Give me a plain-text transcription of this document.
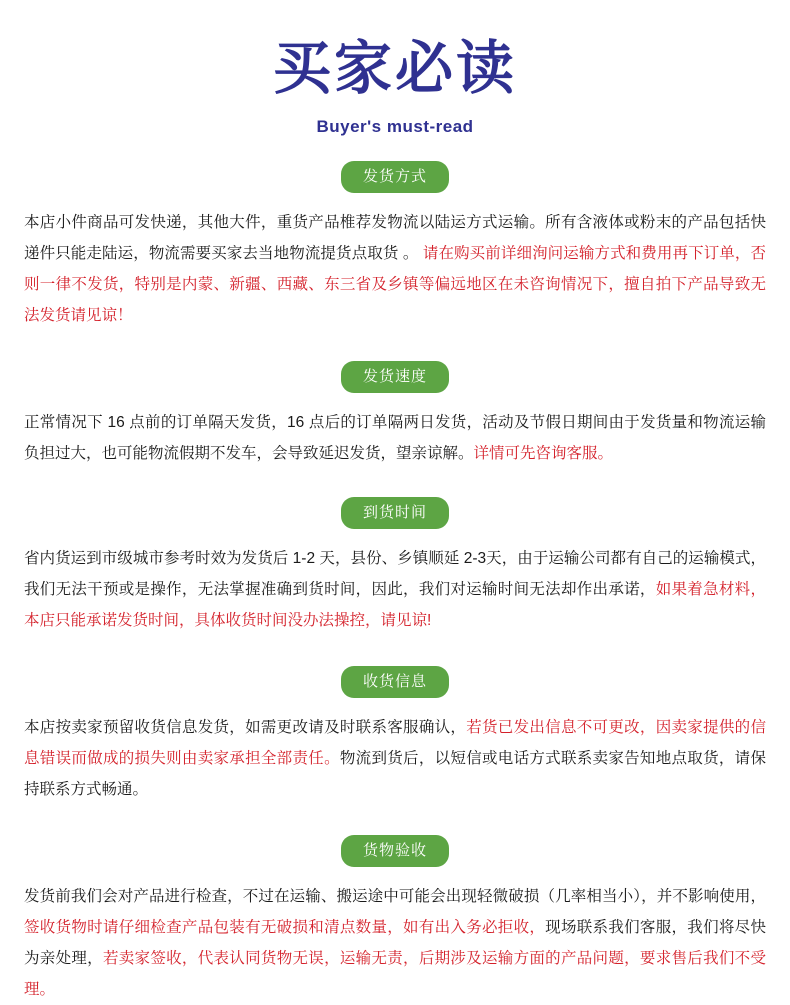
买家必读
Buyer's must-read
发货方式
本店小件商品可发快递，其他大件，重货产品椎荐发物流以陆运方式运输。所有含液体或粉末的产品包括快递件只能走陆运，物流需要买家去当地物流提货点取货 。 请在购买前详细洵问运输方式和费用再下订单，否则一律不发货，特别是内蒙、新疆、西藏、东三省及乡镇等偏远地区在未咨询情况下，擅自拍下产品导致无法发货请见谅！
发货速度
正常情况下 16 点前的订单隔天发货，16 点后的订单隔两日发货，活动及节假日期间由于发货量和物流运输负担过大，也可能物流假期不发车，会导致延迟发货，望亲谅解。详情可先咨询客服。
到货时间
省内货运到市级城市参考时效为发货后 1-2 天，县份、乡镇顺延 2-3天，由于运输公司都有自己的运输模式，我们无法干预或是操作，无法掌握准确到货时间，因此，我们对运输时间无法却作出承诺，如果着急材料， 本店只能承诺发货时间，具体收货时间没办法操控，请见谅!
收货信息
本店按卖家预留收货信息发货，如需更改请及时联系客服确认，若货已发出信息不可更改，因卖家提供的信息错误而做成的损失则由卖家承担全部责任。物流到货后，以短信或电话方式联系卖家告知地点取货，请保持联系方式畅通。
货物验收
发货前我们会对产品进行检查，不过在运输、搬运途中可能会出现轻微破损（几率相当小），并不影响使用，签收货物时请仔细检查产品包装有无破损和清点数量，如有出入务必拒收，现场联系我们客服，我们将尽快为亲处理，若卖家签收，代表认同货物无误，运输无责，后期涉及运输方面的产品问题，要求售后我们不受理。
